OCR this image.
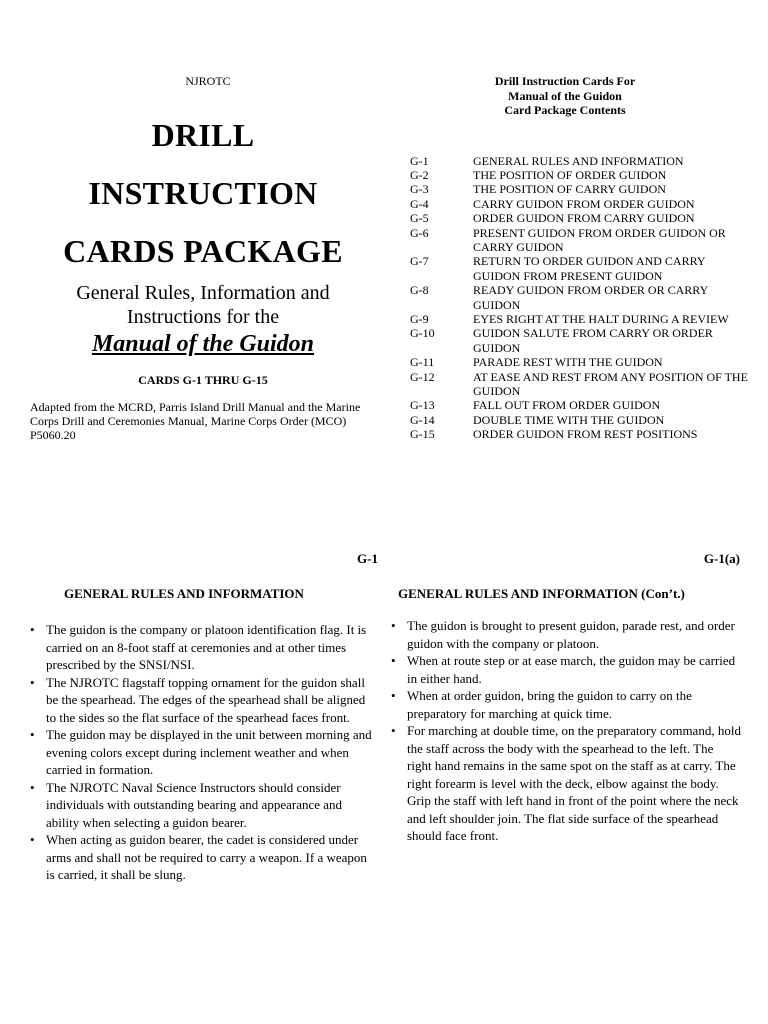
NJROTC
DRILL
INSTRUCTION
CARDS PACKAGE
General Rules, Information and
Instructions for the
Manual of the Guidon
CARDS G-1 THRU G-15
Adapted from the MCRD, Parris Island Drill Manual and the Marine Corps Drill and Ceremonies Manual, Marine Corps Order (MCO) P5060.20
Drill Instruction Cards For
Manual of the Guidon
Card Package Contents
G-1	GENERAL RULES AND INFORMATION
G-2	THE POSITION OF ORDER GUIDON
G-3	THE POSITION OF CARRY GUIDON
G-4	CARRY GUIDON FROM ORDER GUIDON
G-5	ORDER GUIDON FROM CARRY GUIDON
G-6	PRESENT GUIDON FROM ORDER GUIDON OR CARRY GUIDON
G-7	RETURN TO ORDER GUIDON AND CARRY GUIDON FROM PRESENT GUIDON
G-8	READY GUIDON FROM ORDER OR CARRY GUIDON
G-9	EYES RIGHT AT THE HALT DURING A REVIEW
G-10	GUIDON SALUTE FROM CARRY OR ORDER GUIDON
G-11	PARADE REST WITH THE GUIDON
G-12	AT EASE AND REST FROM ANY POSITION OF THE GUIDON
G-13	FALL OUT FROM ORDER GUIDON
G-14	DOUBLE TIME WITH THE GUIDON
G-15	ORDER GUIDON FROM REST POSITIONS
G-1
GENERAL RULES AND INFORMATION
• The guidon is the company or platoon identification flag. It is carried on an 8-foot staff at ceremonies and at other times prescribed by the SNSI/NSI.
• The NJROTC flagstaff topping ornament for the guidon shall be the spearhead. The edges of the spearhead shall be aligned to the sides so the flat surface of the spearhead faces front.
• The guidon may be displayed in the unit between morning and evening colors except during inclement weather and when carried in formation.
• The NJROTC Naval Science Instructors should consider individuals with outstanding bearing and appearance and ability when selecting a guidon bearer.
• When acting as guidon bearer, the cadet is considered under arms and shall not be required to carry a weapon. If a weapon is carried, it shall be slung.
G-1(a)
GENERAL RULES AND INFORMATION (Con’t.)
• The guidon is brought to present guidon, parade rest, and order guidon with the company or platoon.
• When at route step or at ease march, the guidon may be carried in either hand.
• When at order guidon, bring the guidon to carry on the preparatory for marching at quick time.
• For marching at double time, on the preparatory command, hold the staff across the body with the spearhead to the left. The right hand remains in the same spot on the staff as at carry. The right forearm is level with the deck, elbow against the body. Grip the staff with left hand in front of the point where the neck and left shoulder join. The flat side surface of the spearhead should face front.
